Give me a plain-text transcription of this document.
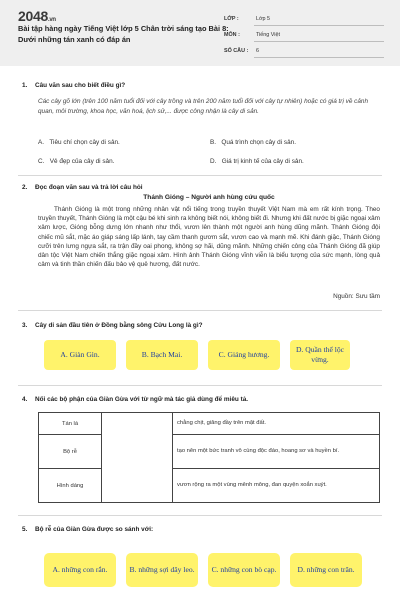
2048.vn
Bài tập hàng ngày Tiếng Việt lớp 5 Chân trời sáng tạo Bài 8: Dưới những tán xanh có đáp án
LỚP :	Lớp 5
MÔN :	Tiếng Việt
SỐ CÂU : 6
1. Câu văn sau cho biết điều gì?
Các cây gõ lớn (trên 100 năm tuổi đối với cây trồng và trên 200 năm tuổi đối với cây tự nhiên) hoặc có giá trị về cảnh quan, môi trường, khoa học, văn hoá, lịch sử,... được công nhận là cây di sản.
A. Tiêu chí chọn cây di sản.	B. Quá trình chọn cây di sản.
C. Vẻ đẹp của cây di sản.	D. Giá trị kinh tế của cây di sản.
2. Đọc đoạn văn sau và trả lời câu hỏi
Thánh Gióng – Người anh hùng cứu quốc
Thánh Gióng là một trong những nhân vật nổi tiếng trong truyền thuyết Việt Nam mà em rất kính trọng. Theo truyền thuyết, Thánh Gióng là một cậu bé khi sinh ra không biết nói, không biết đi. Nhưng khi đất nước bị giặc ngoại xâm xâm lược, Gióng bỗng dưng lớn nhanh như thổi, vươn lên thành một người anh hùng dũng mãnh. Thánh Gióng đội chiếc mũ sắt, mặc áo giáp sáng lấp lánh, tay cầm thanh gươm sắt, vươn cao và mạnh mẽ. Khi đánh giặc, Thánh Gióng cưỡi trên lưng ngựa sắt, ra trận đầy oai phong, không sợ hãi, dũng mãnh. Những chiến công của Thánh Gióng đã giúp dân tộc Việt Nam chiến thắng giặc ngoại xâm. Hình ảnh Thánh Gióng vĩnh viễn là biểu tượng của sức mạnh, lòng quả cảm và tinh thần chiến đấu bảo vệ quê hương, đất nước.
Nguồn: Sưu tầm
3. Cây di sản đầu tiên ở Đồng bằng sông Cửu Long là gì?
A. Giàn Gìn.	B. Bạch Mai.	C. Giáng hương.
D. Quần thể lộc vừng.
4. Nối các bộ phận của Giàn Gừa với từ ngữ mà tác giả dùng để miêu tả.
Tán lá		chằng chịt, giăng đầy trên mặt đất.
Bộ rễ		tạo nên một bức tranh vô cùng độc đáo, hoang sơ và huyền bí.
Hình dáng		vươn rộng ra một vùng mênh mông, đan quyện xoắn xuýt.
5. Bộ rễ của Giàn Gừa được so sánh với:
A. những con rắn.	B. những sợi dây leo.	C. những con bò cạp.	D. những con trăn.
